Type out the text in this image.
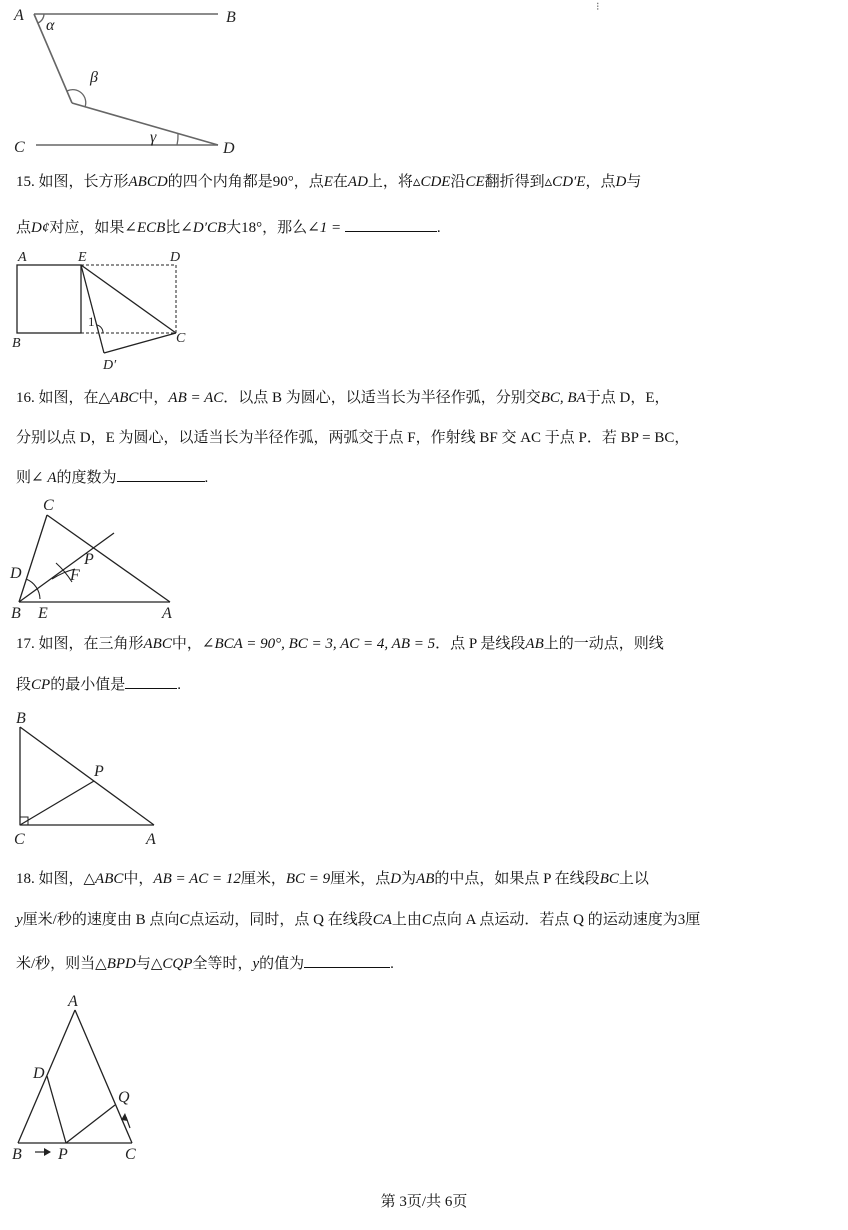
⁝
A
α	B
β
γ
C	D
15. 如图，长方形ABCD的四个内角都是90°，点E在AD上，将▵CDE沿CE翻折得到▵CD′E，点D与
点D¢对应，如果∠ECB比∠D′CB大18°，那么∠1 =	.
A	E	D
1
B	C
D′
16. 如图，在△ABC中，AB = AC．以点 B 为圆心，以适当长为半径作弧，分别交BC, BA于点 D，E，
分别以点 D，E 为圆心，以适当长为半径作弧，两弧交于点 F，作射线 BF 交 AC 于点 P．若 BP = BC，
则∠ A的度数为	.
C
P
D	F
B E	A
17. 如图，在三角形ABC中，∠BCA = 90°, BC = 3, AC = 4, AB = 5．点 P 是线段AB上的一动点，则线
段CP的最小值是	.
B
P
C	A
18. 如图，△ABC中，AB = AC = 12厘米，BC = 9厘米，点D为AB的中点，如果点 P 在线段BC上以
y厘米/秒的速度由 B 点向C点运动，同时，点 Q 在线段CA上由C点向 A 点运动．若点 Q 的运动速度为3厘
米/秒，则当△BPD与△CQP全等时，y的值为	.
A
D
Q
B P	C
第 3页/共 6页
